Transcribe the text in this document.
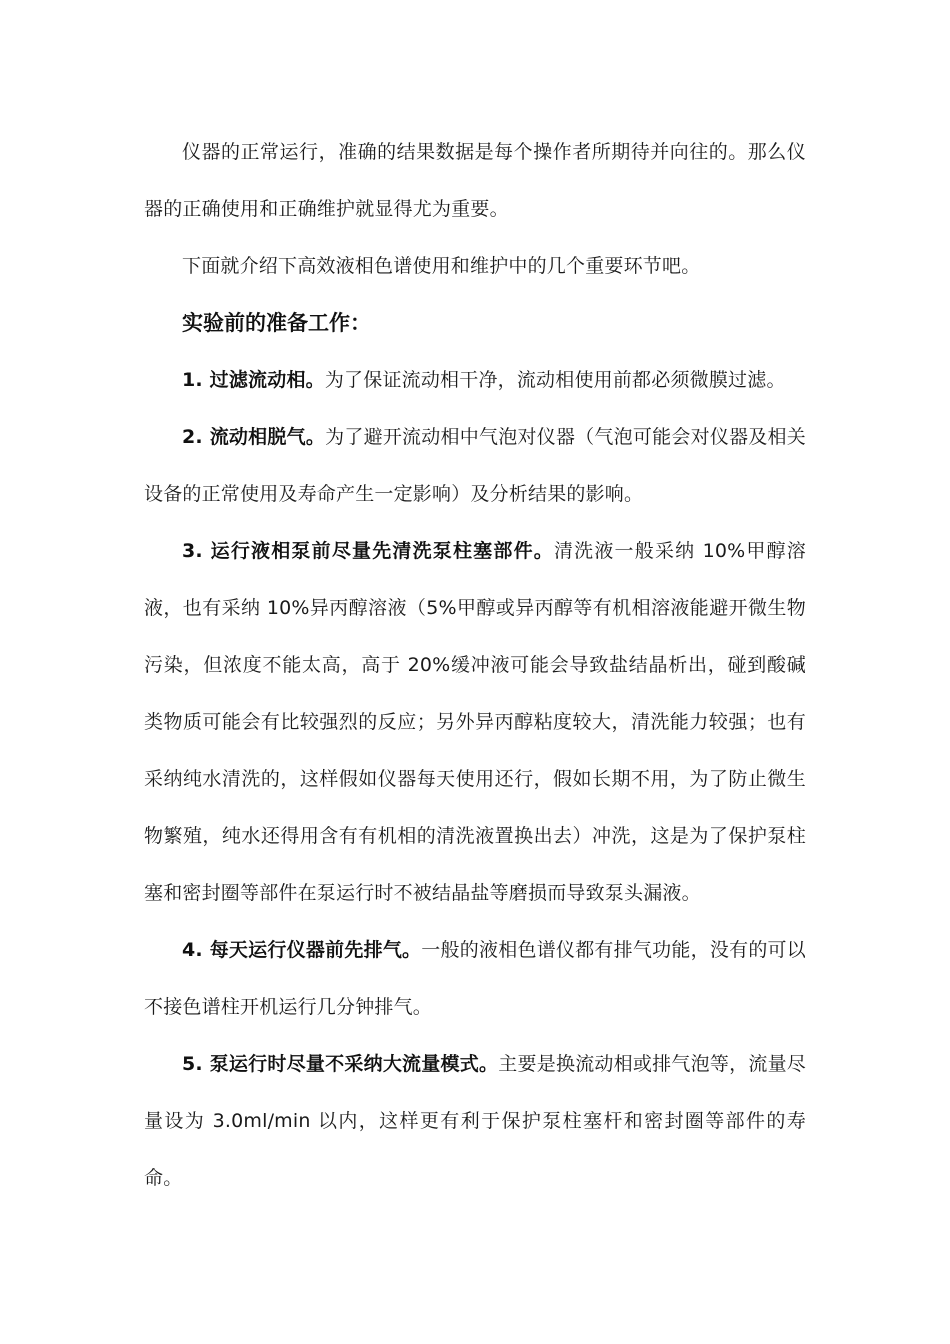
仪器的正常运行，准确的结果数据是每个操作者所期待并向往的。那么仪器的正确使用和正确维护就显得尤为重要。

下面就介绍下高效液相色谱使用和维护中的几个重要环节吧。

实验前的准备工作：

1. 过滤流动相。为了保证流动相干净，流动相使用前都必须微膜过滤。

2. 流动相脱气。为了避开流动相中气泡对仪器（气泡可能会对仪器及相关设备的正常使用及寿命产生一定影响）及分析结果的影响。

3. 运行液相泵前尽量先清洗泵柱塞部件。清洗液一般采纳 10%甲醇溶液，也有采纳 10%异丙醇溶液（5%甲醇或异丙醇等有机相溶液能避开微生物污染，但浓度不能太高，高于 20%缓冲液可能会导致盐结晶析出，碰到酸碱类物质可能会有比较强烈的反应；另外异丙醇粘度较大，清洗能力较强；也有采纳纯水清洗的，这样假如仪器每天使用还行，假如长期不用，为了防止微生物繁殖，纯水还得用含有有机相的清洗液置换出去）冲洗，这是为了保护泵柱塞和密封圈等部件在泵运行时不被结晶盐等磨损而导致泵头漏液。

4. 每天运行仪器前先排气。一般的液相色谱仪都有排气功能，没有的可以不接色谱柱开机运行几分钟排气。

5. 泵运行时尽量不采纳大流量模式。主要是换流动相或排气泡等，流量尽量设为 3.0ml/min 以内，这样更有利于保护泵柱塞杆和密封圈等部件的寿命。
